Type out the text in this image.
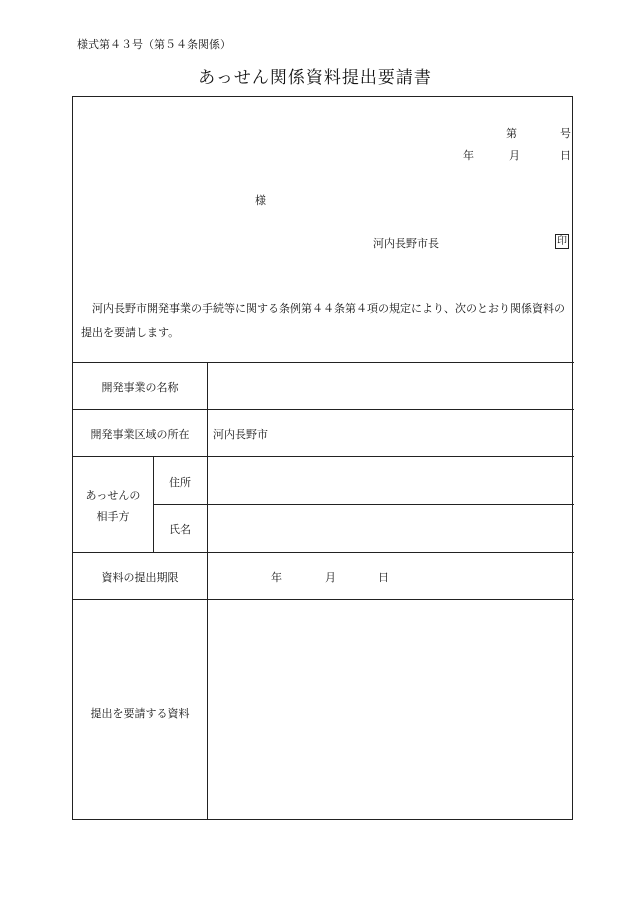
様式第４３号（第５４条関係）
あっせん関係資料提出要請書
第	号
年	月	日
様
河内長野市長	印
河内長野市開発事業の手続等に関する条例第４４条第４項の規定により、次のとおり関係資料の提出を要請します。
開発事業の名称
開発事業区域の所在	河内長野市
あっせんの
相手方
住所
氏名
資料の提出期限	年	月	日
提出を要請する資料
